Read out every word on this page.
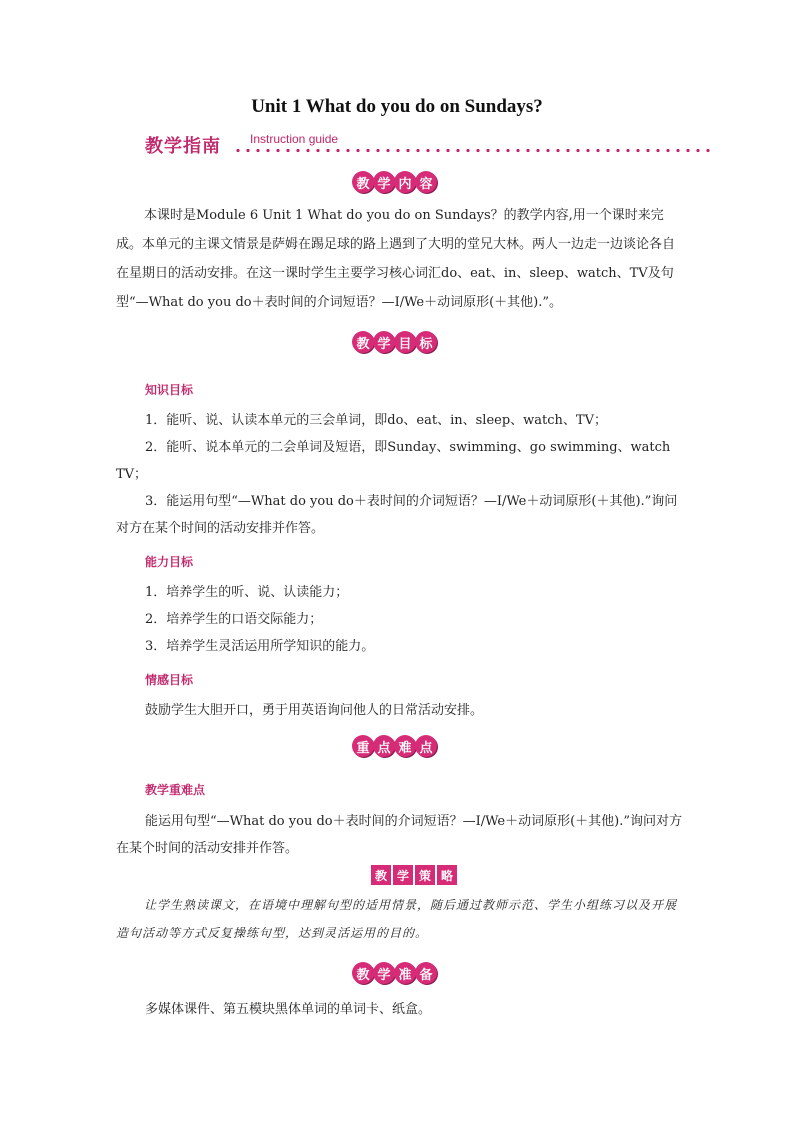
Unit 1 What do you do on Sundays?
教学指南 Instruction guide
教 学 内 容
本课时是Module 6 Unit 1 What do you do on Sundays？的教学内容,用一个课时来完成。本单元的主课文情景是萨姆在踢足球的路上遇到了大明的堂兄大林。两人一边走一边谈论各自在星期日的活动安排。在这一课时学生主要学习核心词汇do、eat、in、sleep、watch、TV及句型“—What do you do＋表时间的介词短语？—I/We＋动词原形(＋其他).”。
教 学 目 标
知识目标
1．能听、说、认读本单元的三会单词，即do、eat、in、sleep、watch、TV；
2．能听、说本单元的二会单词及短语，即Sunday、swimming、go swimming、watch TV；
3．能运用句型“—What do you do＋表时间的介词短语？—I/We＋动词原形(＋其他).”询问对方在某个时间的活动安排并作答。
能力目标
1．培养学生的听、说、认读能力；
2．培养学生的口语交际能力；
3．培养学生灵活运用所学知识的能力。
情感目标
鼓励学生大胆开口，勇于用英语询问他人的日常活动安排。
重 点 难 点
教学重难点
能运用句型“—What do you do＋表时间的介词短语？—I/We＋动词原形(＋其他).”询问对方在某个时间的活动安排并作答。
教 学 策 略
让学生熟读课文，在语境中理解句型的适用情景，随后通过教师示范、学生小组练习以及开展造句活动等方式反复操练句型，达到灵活运用的目的。
教 学 准 备
多媒体课件、第五模块黑体单词的单词卡、纸盒。
